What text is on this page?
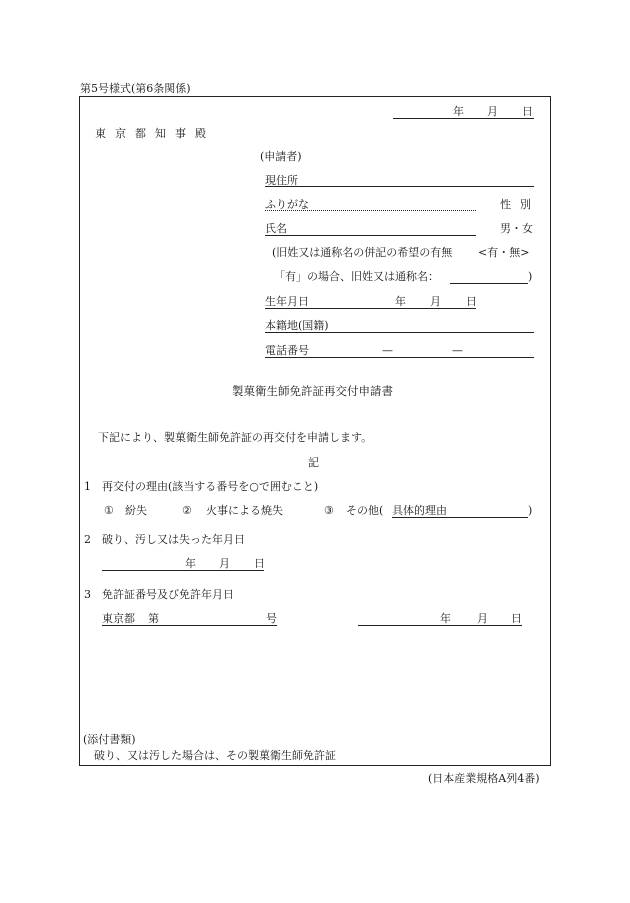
第5号様式(第6条関係)
年 月 日
東京都知事殿
(申請者)
現住所
ふりがな	性別
氏名	男・女
(旧姓又は通称名の併記の希望の有無 <有・無>
「有」の場合、旧姓又は通称名：	)
生年月日	年 月 日
本籍地(国籍)
電話番号	—	—
製菓衛生師免許証再交付申請書
下記により、製菓衛生師免許証の再交付を申請します。
記
1 再交付の理由(該当する番号を○で囲むこと)
① 紛失	② 火事による焼失	③ その他( 具体的理由	)
2 破り、汚し又は失った年月日
年 月 日
3 免許証番号及び免許年月日
東京都 第	号	年 月 日
(添付書類)
破り、又は汚した場合は、その製菓衛生師免許証
(日本産業規格A列4番)
